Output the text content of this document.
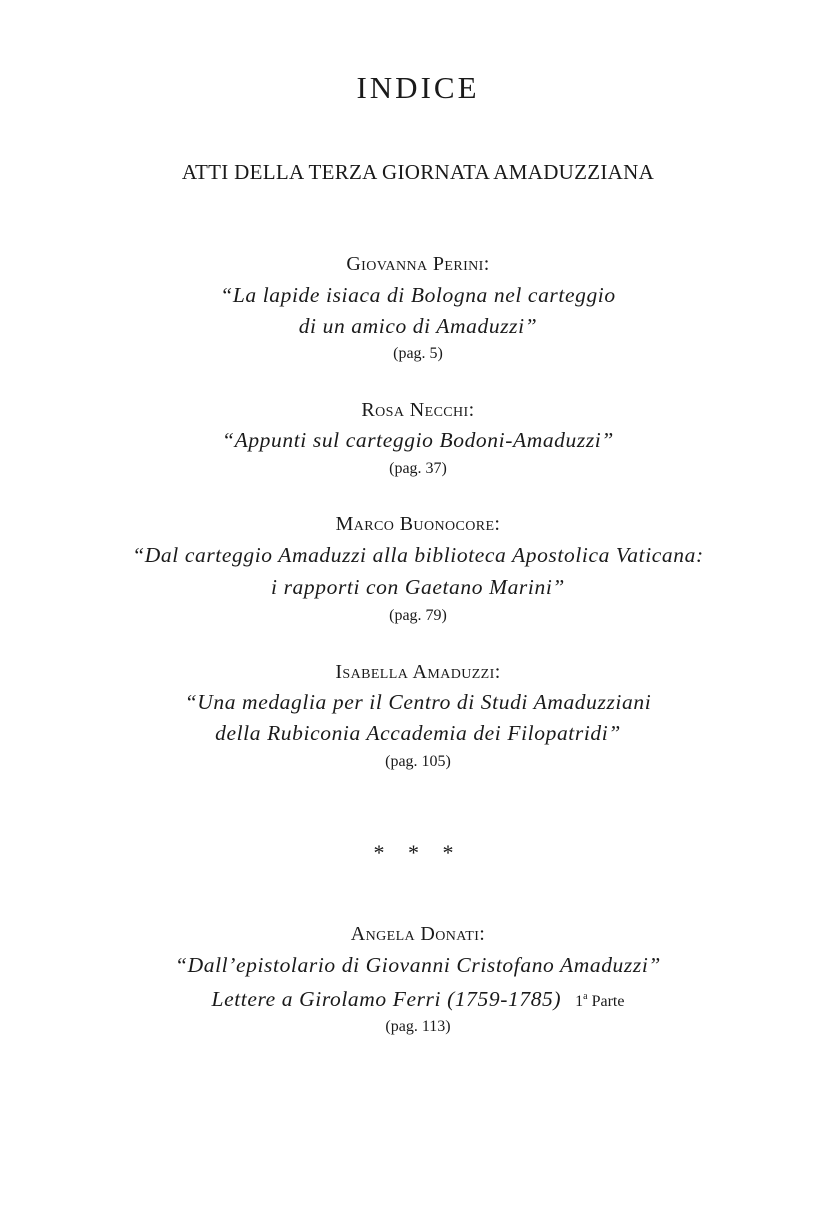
INDICE
ATTI DELLA TERZA GIORNATA AMADUZZIANA
Giovanna Perini:
“La lapide isiaca di Bologna nel carteggio
di un amico di Amaduzzi”
(pag. 5)
Rosa Necchi:
“Appunti sul carteggio Bodoni-Amaduzzi”
(pag. 37)
Marco Buonocore:
“Dal carteggio Amaduzzi alla biblioteca Apostolica Vaticana:
i rapporti con Gaetano Marini”
(pag. 79)
Isabella Amaduzzi:
“Una medaglia per il Centro di Studi Amaduzziani
della Rubiconia Accademia dei Filopatridi”
(pag. 105)
* * *
Angela Donati:
“Dall’epistolario di Giovanni Cristofano Amaduzzi”
Lettere a Girolamo Ferri (1759-1785) 1$^a$ Parte
(pag. 113)
